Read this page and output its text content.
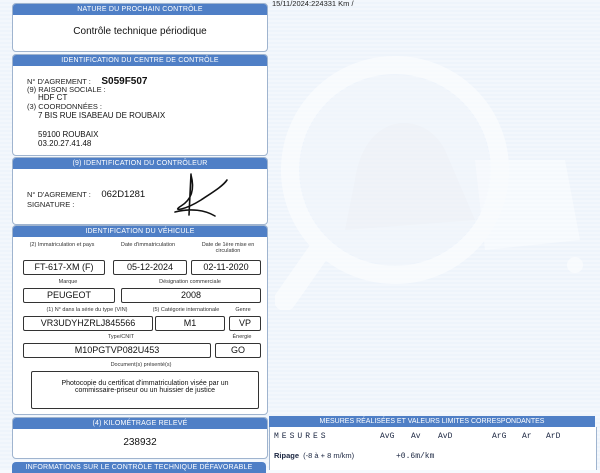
15/11/2024:224331 Km /
NATURE DU PROCHAIN CONTRÔLE
Contrôle technique périodique
IDENTIFICATION DU CENTRE DE CONTRÔLE
N° D'AGREMENT : S059F507
(9) RAISON SOCIALE :
HDF CT
(3) COORDONNÉES :
7 BIS RUE ISABEAU DE ROUBAIX
59100 ROUBAIX
03.20.27.41.48
(9) IDENTIFICATION DU CONTRÔLEUR
N° D'AGREMENT : 062D1281
SIGNATURE :
IDENTIFICATION DU VÉHICULE
(2) Immatriculation et pays	Date d'immatriculation	Date de 1ère mise en circulation
FT-617-XM (F)	05-12-2024	02-11-2020
Marque	Désignation commerciale
PEUGEOT	2008
(1) N° dans la série du type (VIN)	(5) Catégorie internationale	Genre
VR3UDYHZRLJ845566	M1	VP
Type/CNIT	Énergie
M10PGTVP082U453	GO
Document(s) présenté(s)
Photocopie du certificat d'immatriculation visée par un
commissaire-priseur ou un huissier de justice
(4) KILOMÉTRAGE RELEVÉ
238932
INFORMATIONS SUR LE CONTRÔLE TECHNIQUE DÉFAVORABLE
MESURES RÉALISÉES ET VALEURS LIMITES CORRESPONDANTES
MESURES	AvG Av AvD	ArG Ar ArD
Ripage (-8 à + 8 m/km)	+0.6m/km
